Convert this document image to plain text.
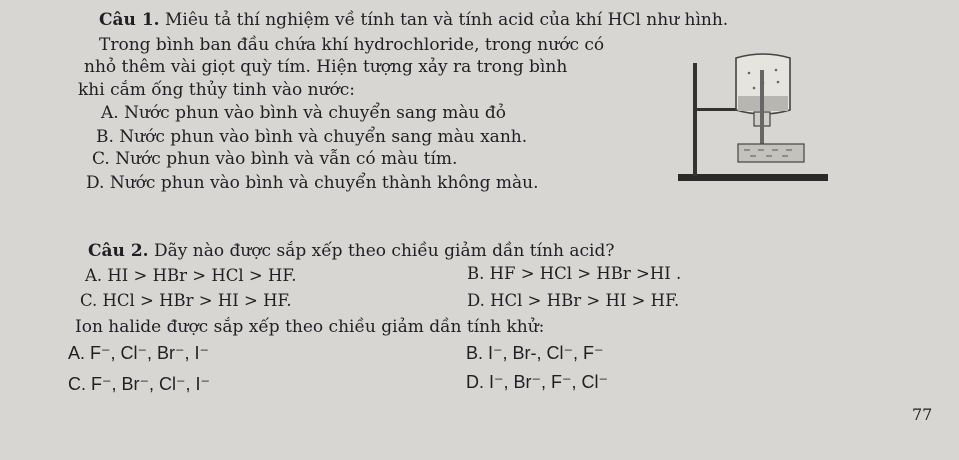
Câu 1. Miêu tả thí nghiệm về tính tan và tính acid của khí HCl như hình.
Trong bình ban đầu chứa khí hydrochloride, trong nước có
nhỏ thêm vài giọt quỳ tím. Hiện tượng xảy ra trong bình
khi cắm ống thủy tinh vào nước:
A. Nước phun vào bình và chuyển sang màu đỏ
B. Nước phun vào bình và chuyển sang màu xanh.
C. Nước phun vào bình và vẫn có màu tím.
D. Nước phun vào bình và chuyển thành không màu.
Câu 2. Dãy nào được sắp xếp theo chiều giảm dần tính acid?
A. HI > HBr > HCl > HF.	B. HF > HCl > HBr >HI .
C. HCl > HBr > HI > HF.	D. HCl > HBr > HI > HF.
Ion halide được sắp xếp theo chiều giảm dần tính khử:
A. F⁻, Cl⁻, Br⁻, I⁻	B. I⁻, Br-, Cl⁻, F⁻
C. F⁻, Br⁻, Cl⁻, I⁻	D. I⁻, Br⁻, F⁻, Cl⁻
77
